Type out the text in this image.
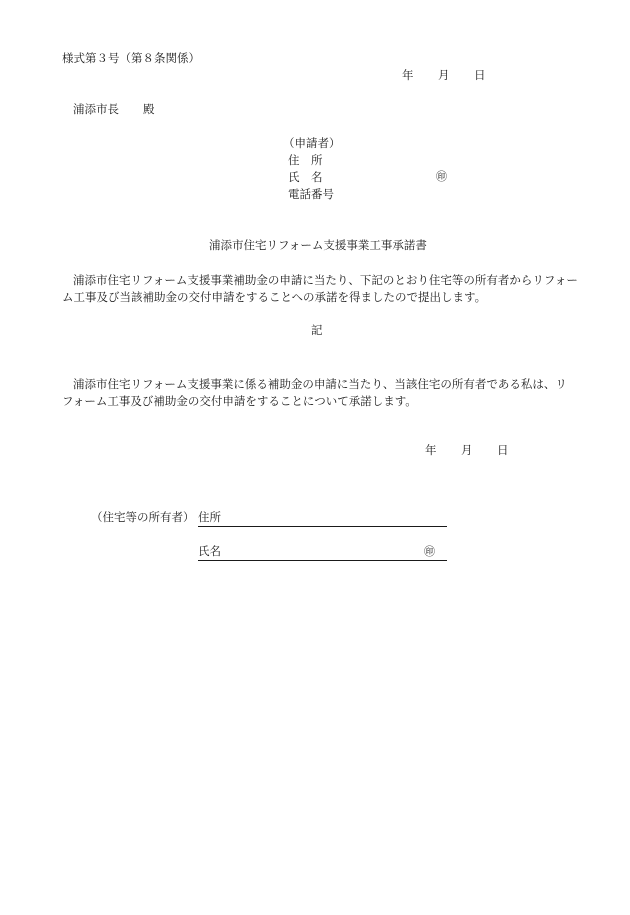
様式第３号（第８条関係）
年 月 日
浦添市長 殿
（申請者）
住　所
氏　名	㊞
電話番号
浦添市住宅リフォーム支援事業工事承諾書
浦添市住宅リフォーム支援事業補助金の申請に当たり、下記のとおり住宅等の所有者からリフォーム工事及び当該補助金の交付申請をすることへの承諾を得ましたので提出します。
記
浦添市住宅リフォーム支援事業に係る補助金の申請に当たり、当該住宅の所有者である私は、リフォーム工事及び補助金の交付申請をすることについて承諾します。
年 月 日
（住宅等の所有者） 住所
氏名	㊞
